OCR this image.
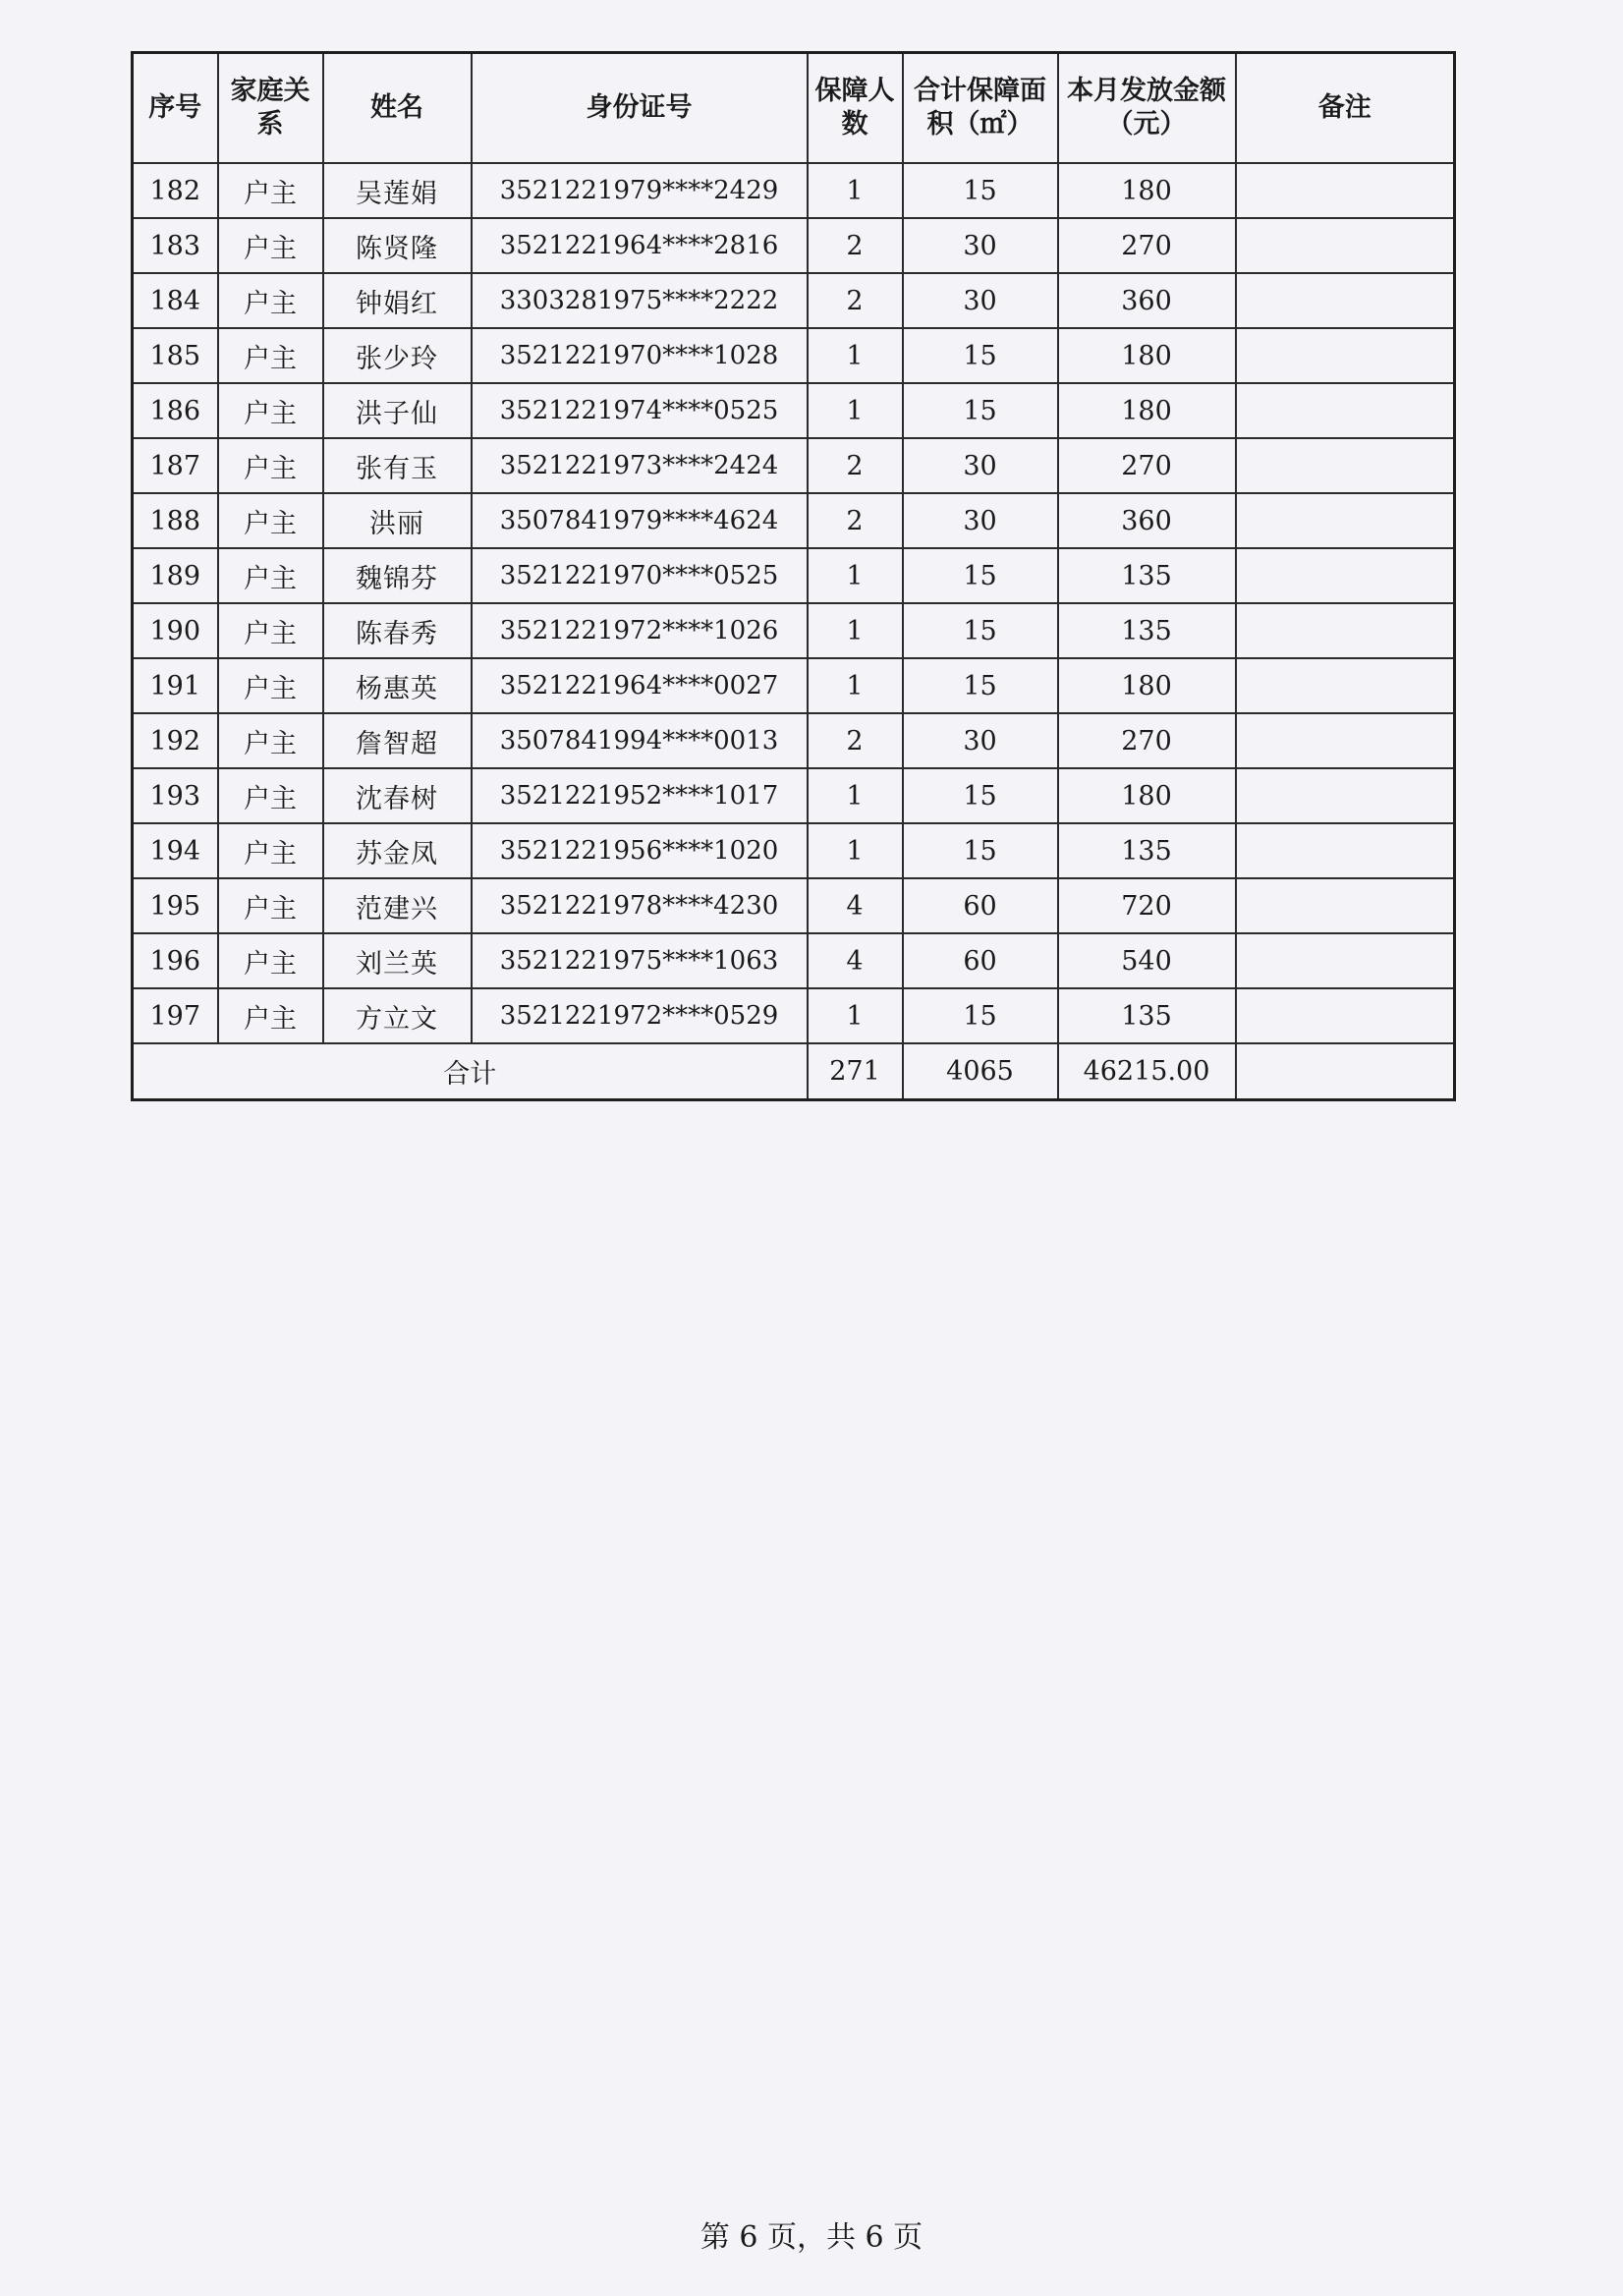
序号	家庭关系	姓名	身份证号	保障人数	合计保障面积（㎡）	本月发放金额（元）	备注
182	户主	吴莲娟	3521221979****2429	1	15	180	
183	户主	陈贤隆	3521221964****2816	2	30	270	
184	户主	钟娟红	3303281975****2222	2	30	360	
185	户主	张少玲	3521221970****1028	1	15	180	
186	户主	洪子仙	3521221974****0525	1	15	180	
187	户主	张有玉	3521221973****2424	2	30	270	
188	户主	洪丽	3507841979****4624	2	30	360	
189	户主	魏锦芬	3521221970****0525	1	15	135	
190	户主	陈春秀	3521221972****1026	1	15	135	
191	户主	杨惠英	3521221964****0027	1	15	180	
192	户主	詹智超	3507841994****0013	2	30	270	
193	户主	沈春树	3521221952****1017	1	15	180	
194	户主	苏金凤	3521221956****1020	1	15	135	
195	户主	范建兴	3521221978****4230	4	60	720	
196	户主	刘兰英	3521221975****1063	4	60	540	
197	户主	方立文	3521221972****0529	1	15	135	
合计				271	4065	46215.00	
第 6 页，共 6 页
